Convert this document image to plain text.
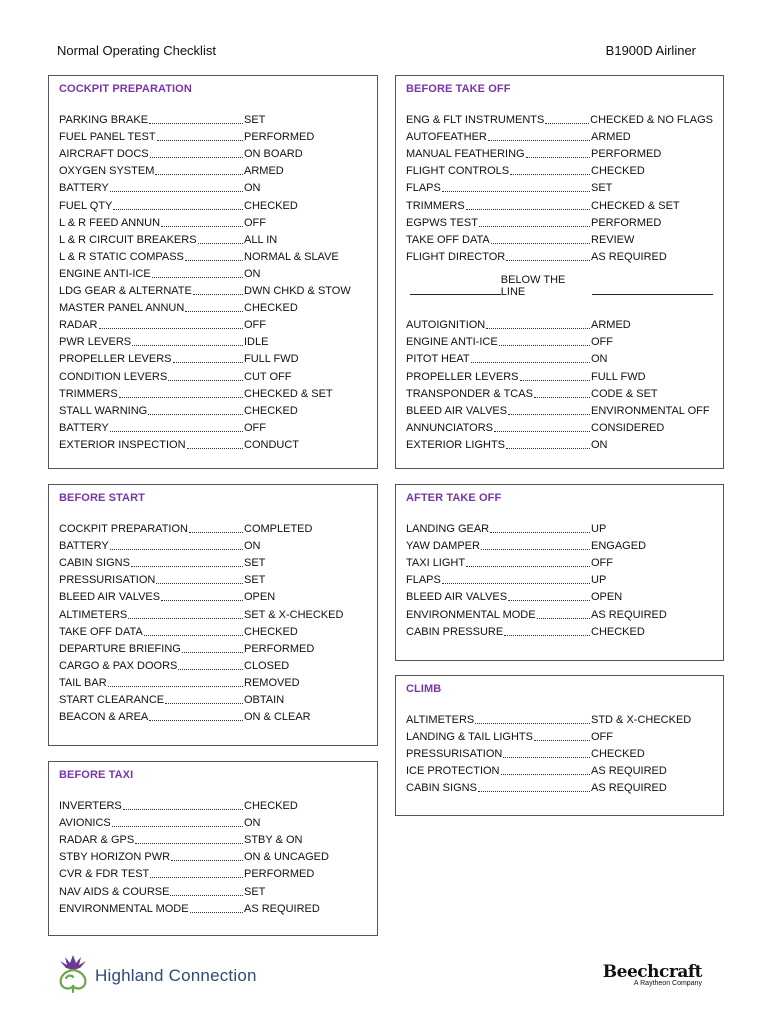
Normal Operating Checklist	B1900D Airliner
COCKPIT PREPARATION
PARKING BRAKE	SET
FUEL PANEL TEST	PERFORMED
AIRCRAFT DOCS	ON BOARD
OXYGEN SYSTEM	ARMED
BATTERY	ON
FUEL QTY	CHECKED
L & R FEED ANNUN	OFF
L & R CIRCUIT BREAKERS	ALL IN
L & R STATIC COMPASS	NORMAL & SLAVE
ENGINE ANTI-ICE	ON
LDG GEAR & ALTERNATE	DWN CHKD & STOW
MASTER PANEL ANNUN	CHECKED
RADAR	OFF
PWR LEVERS	IDLE
PROPELLER LEVERS	FULL FWD
CONDITION LEVERS	CUT OFF
TRIMMERS	CHECKED & SET
STALL WARNING	CHECKED
BATTERY	OFF
EXTERIOR INSPECTION	CONDUCT
BEFORE TAKE OFF
ENG & FLT INSTRUMENTS	CHECKED & NO FLAGS
AUTOFEATHER	ARMED
MANUAL FEATHERING	PERFORMED
FLIGHT CONTROLS	CHECKED
FLAPS	SET
TRIMMERS	CHECKED & SET
EGPWS TEST	PERFORMED
TAKE OFF DATA	REVIEW
FLIGHT DIRECTOR	AS REQUIRED
BELOW THE LINE
AUTOIGNITION	ARMED
ENGINE ANTI-ICE	OFF
PITOT HEAT	ON
PROPELLER LEVERS	FULL FWD
TRANSPONDER & TCAS	CODE & SET
BLEED AIR VALVES	ENVIRONMENTAL OFF
ANNUNCIATORS	CONSIDERED
EXTERIOR LIGHTS	ON
BEFORE START
COCKPIT PREPARATION	COMPLETED
BATTERY	ON
CABIN SIGNS	SET
PRESSURISATION	SET
BLEED AIR VALVES	OPEN
ALTIMETERS	SET & X-CHECKED
TAKE OFF DATA	CHECKED
DEPARTURE BRIEFING	PERFORMED
CARGO & PAX DOORS	CLOSED
TAIL BAR	REMOVED
START CLEARANCE	OBTAIN
BEACON & AREA	ON & CLEAR
AFTER TAKE OFF
LANDING GEAR	UP
YAW DAMPER	ENGAGED
TAXI LIGHT	OFF
FLAPS	UP
BLEED AIR VALVES	OPEN
ENVIRONMENTAL MODE	AS REQUIRED
CABIN PRESSURE	CHECKED
CLIMB
ALTIMETERS	STD & X-CHECKED
LANDING & TAIL LIGHTS	OFF
PRESSURISATION	CHECKED
ICE PROTECTION	AS REQUIRED
CABIN SIGNS	AS REQUIRED
BEFORE TAXI
INVERTERS	CHECKED
AVIONICS	ON
RADAR & GPS	STBY & ON
STBY HORIZON PWR	ON & UNCAGED
CVR & FDR TEST	PERFORMED
NAV AIDS & COURSE	SET
ENVIRONMENTAL MODE	AS REQUIRED
Highland Connection	Beechcraft
A Raytheon Company
